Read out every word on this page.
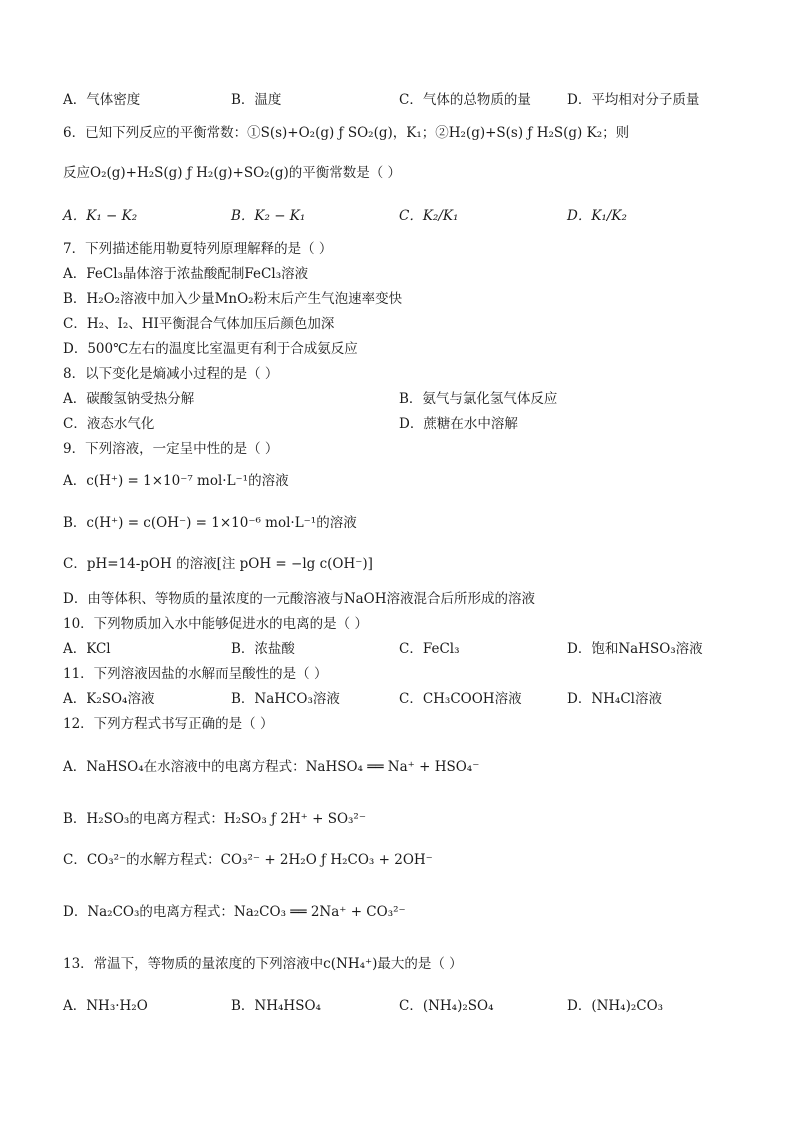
A．气体密度	B．温度	C．气体的总物质的量	D．平均相对分子质量
6．已知下列反应的平衡常数：①S(s)+O₂(g) ƒ SO₂(g)，K₁；②H₂(g)+S(s) ƒ H₂S(g) K₂；则
反应O₂(g)+H₂S(g) ƒ H₂(g)+SO₂(g)的平衡常数是（ ）
A．K₁ − K₂	B．K₂ − K₁	C．K₂/K₁	D．K₁/K₂
7．下列描述能用勒夏特列原理解释的是（ ）
A．FeCl₃晶体溶于浓盐酸配制FeCl₃溶液
B．H₂O₂溶液中加入少量MnO₂粉末后产生气泡速率变快
C．H₂、I₂、HI平衡混合气体加压后颜色加深
D．500℃左右的温度比室温更有利于合成氨反应
8．以下变化是熵减小过程的是（ ）
A．碳酸氢钠受热分解	B．氨气与氯化氢气体反应
C．液态水气化	D．蔗糖在水中溶解
9．下列溶液，一定呈中性的是（ ）
A．c(H⁺) = 1×10⁻⁷ mol·L⁻¹的溶液
B．c(H⁺) = c(OH⁻) = 1×10⁻⁶ mol·L⁻¹的溶液
C．pH=14-pOH 的溶液[注 pOH = −lg c(OH⁻)]
D．由等体积、等物质的量浓度的一元酸溶液与NaOH溶液混合后所形成的溶液
10．下列物质加入水中能够促进水的电离的是（ ）
A．KCl	B．浓盐酸	C．FeCl₃	D．饱和NaHSO₃溶液
11．下列溶液因盐的水解而呈酸性的是（ ）
A．K₂SO₄溶液	B．NaHCO₃溶液	C．CH₃COOH溶液	D．NH₄Cl溶液
12．下列方程式书写正确的是（ ）
A．NaHSO₄在水溶液中的电离方程式：NaHSO₄ ══ Na⁺ + HSO₄⁻
B．H₂SO₃的电离方程式：H₂SO₃ ƒ 2H⁺ + SO₃²⁻
C．CO₃²⁻的水解方程式：CO₃²⁻ + 2H₂O ƒ H₂CO₃ + 2OH⁻
D．Na₂CO₃的电离方程式：Na₂CO₃ ══ 2Na⁺ + CO₃²⁻
13．常温下，等物质的量浓度的下列溶液中c(NH₄⁺)最大的是（ ）
A．NH₃·H₂O	B．NH₄HSO₄	C．(NH₄)₂SO₄	D．(NH₄)₂CO₃
